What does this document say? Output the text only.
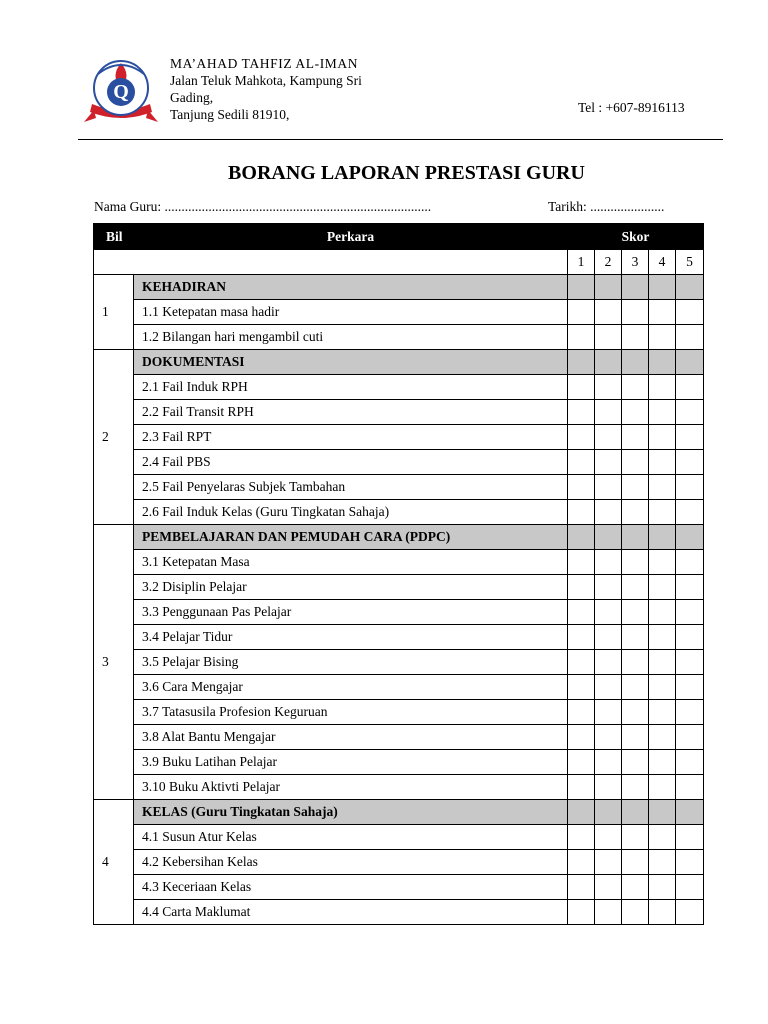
Q
MA’AHAD TAHFIZ AL-IMAN
Jalan Teluk Mahkota, Kampung Sri
Gading,
Tanjung Sedili 81910,	Tel : +607-8916113
BORANG LAPORAN PRESTASI GURU
Nama Guru: ...............................................................................	Tarikh: ......................
Bil	Perkara	Skor				
		1	2	3	4	5
1	KEHADIRAN					
	1.1 Ketepatan masa hadir					
	1.2 Bilangan hari mengambil cuti					
2	DOKUMENTASI					
	2.1 Fail Induk RPH					
	2.2 Fail Transit RPH					
	2.3 Fail RPT					
	2.4 Fail PBS					
	2.5 Fail Penyelaras Subjek Tambahan					
	2.6 Fail Induk Kelas (Guru Tingkatan Sahaja)					
3	PEMBELAJARAN DAN PEMUDAH CARA (PDPC)					
	3.1 Ketepatan Masa					
	3.2 Disiplin Pelajar					
	3.3 Penggunaan Pas Pelajar					
	3.4 Pelajar Tidur					
	3.5 Pelajar Bising					
	3.6 Cara Mengajar					
	3.7 Tatasusila Profesion Keguruan					
	3.8 Alat Bantu Mengajar					
	3.9 Buku Latihan Pelajar					
	3.10 Buku Aktivti Pelajar					
4	KELAS (Guru Tingkatan Sahaja)					
	4.1 Susun Atur Kelas					
	4.2 Kebersihan Kelas					
	4.3 Keceriaan Kelas					
	4.4 Carta Maklumat					
